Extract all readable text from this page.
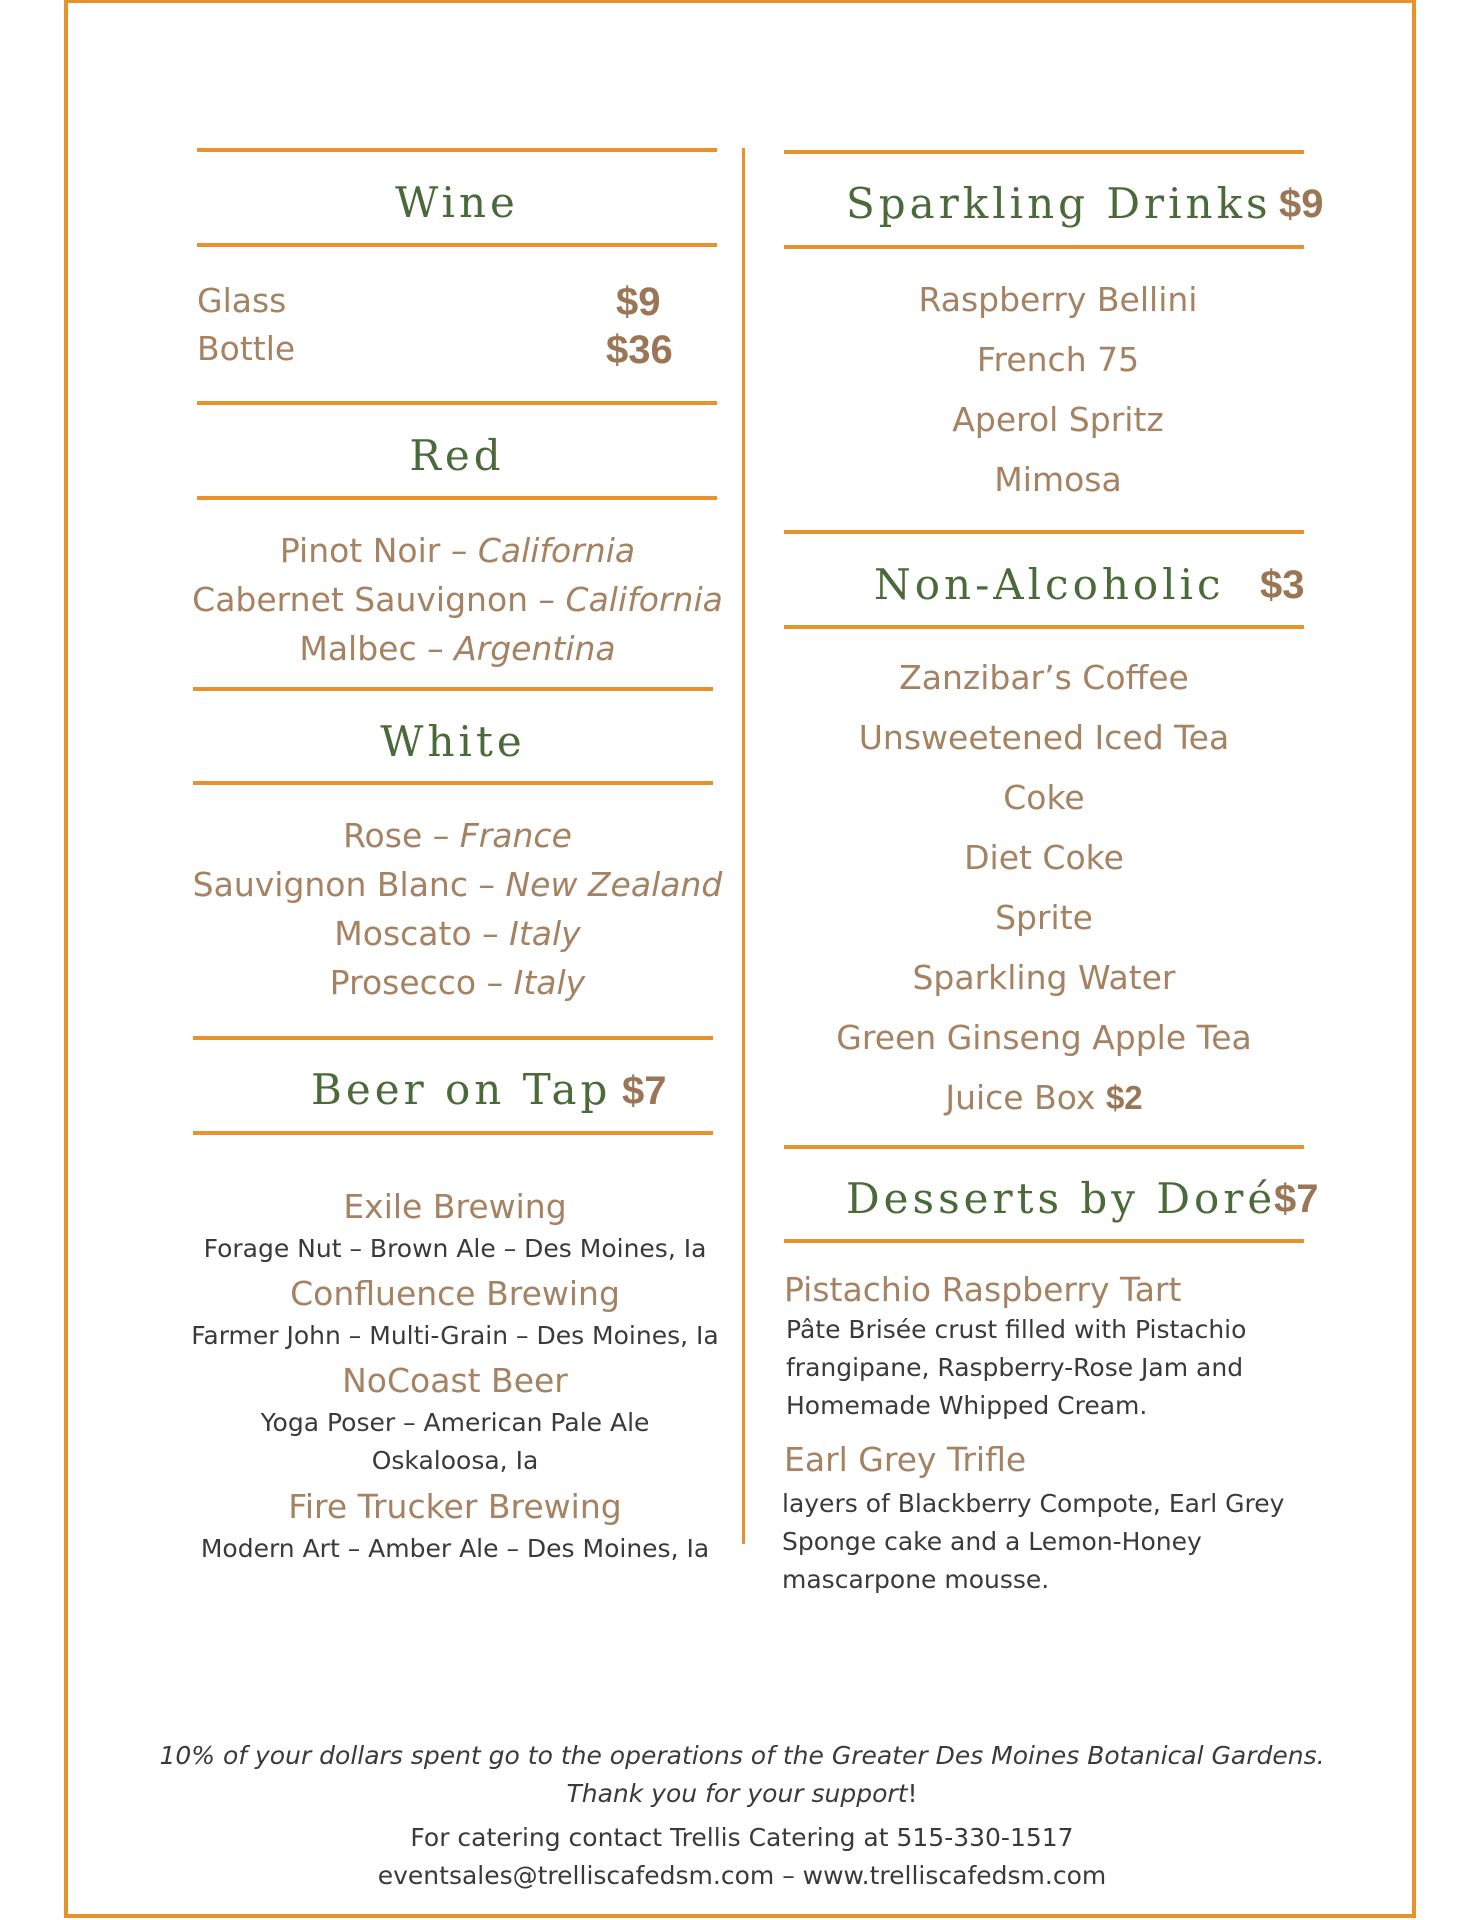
Wine
Glass	$9
Bottle	$36
Red
Pinot Noir – California
Cabernet Sauvignon – California
Malbec – Argentina
White
Rose – France
Sauvignon Blanc – New Zealand
Moscato – Italy
Prosecco – Italy
Beer on Tap $7
Exile Brewing
Forage Nut – Brown Ale – Des Moines, Ia
Confluence Brewing
Farmer John – Multi-Grain – Des Moines, Ia
NoCoast Beer
Yoga Poser – American Pale Ale
Oskaloosa, Ia
Fire Trucker Brewing
Modern Art – Amber Ale – Des Moines, Ia
Sparkling Drinks $9
Raspberry Bellini
French 75
Aperol Spritz
Mimosa
Non-Alcoholic $3
Zanzibar’s Coffee
Unsweetened Iced Tea
Coke
Diet Coke
Sprite
Sparkling Water
Green Ginseng Apple Tea
Juice Box $2
Desserts by Doré
$7
Pistachio Raspberry Tart
Pâte Brisée crust filled with Pistachio
frangipane, Raspberry-Rose Jam and
Homemade Whipped Cream.
Earl Grey Trifle
layers of Blackberry Compote, Earl Grey
Sponge cake and a Lemon-Honey
mascarpone mousse.
10% of your dollars spent go to the operations of the Greater Des Moines Botanical Gardens.
Thank you for your support!
For catering contact Trellis Catering at 515-330-1517
eventsales@trelliscafedsm.com – www.trelliscafedsm.com
